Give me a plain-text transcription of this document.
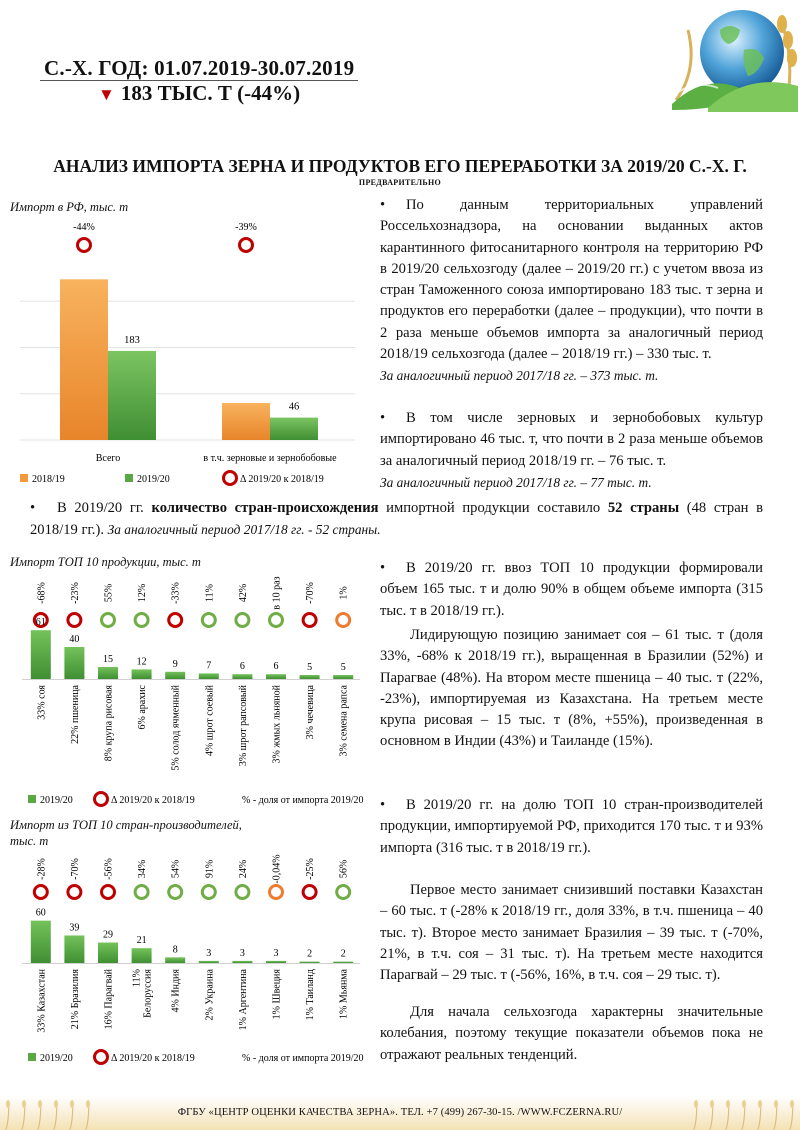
С.-Х. ГОД: 01.07.2019-30.07.2019
▼ 183 ТЫС. Т (-44%)
АНАЛИЗ ИМПОРТА ЗЕРНА И ПРОДУКТОВ ЕГО ПЕРЕРАБОТКИ ЗА 2019/20 С.-Х. Г.
ПРЕДВАРИТЕЛЬНО
Импорт в РФ, тыс. т
183
-44%
Всего
46
-39%
в т.ч. зерновые и зернобобовые
2018/19	2019/20	Δ 2019/20 к 2018/19
• По данным территориальных управлений Россельхознадзора, на основании выданных актов карантинного фитосанитарного контроля на территорию РФ в 2019/20 сельхозгоду (далее – 2019/20 гг.) с учетом ввоза из стран Таможенного союза импортировано 183 тыс. т зерна и продуктов его переработки (далее – продукции), что почти в 2 раза меньше объемов импорта за аналогичный период 2018/19 сельхозгода (далее – 2018/19 гг.) – 330 тыс. т.
За аналогичный период 2017/18 гг. – 373 тыс. т.
• В том числе зерновых и зернобобовых культур импортировано 46 тыс. т, что почти в 2 раза меньше объемов за аналогичный период 2018/19 гг. – 76 тыс. т.
За аналогичный период 2017/18 гг. – 77 тыс. т.
• В 2019/20 гг. количество стран-происхождения импортной продукции составило 52 страны (48 стран в 2018/19 гг.). За аналогичный период 2017/18 гг. - 52 страны.
Импорт ТОП 10 продукции, тыс. т
-68%
61
33% соя
-23%
40
22% пшеница
55%
15
8% крупа рисовая
12%
12
6% арахис
-33%
9
5% солод ячменный
11%
7
4% шрот соевый
42%
6
3% шрот рапсовый
в 10 раз
6
3% жмых льняной
-70%
5
3% чечевица
1%
5
3% семена рапса
2019/20	Δ 2019/20 к 2018/19	% - доля от импорта 2019/20
• В 2019/20 гг. ввоз ТОП 10 продукции формировали объем 165 тыс. т и долю 90% в общем объеме импорта (315 тыс. т в 2018/19 гг.).
Лидирующую позицию занимает соя – 61 тыс. т (доля 33%, -68% к 2018/19 гг.), выращенная в Бразилии (52%) и Парагвае (48%). На втором месте пшеница – 40 тыс. т (22%, -23%), импортируемая из Казахстана. На третьем месте крупа рисовая – 15 тыс. т (8%, +55%), произведенная в основном в Индии (43%) и Таиланде (15%).
Импорт из ТОП 10 стран-производителей,
тыс. т
-28%
60
33% Казахстан
-70%
39
21% Бразилия
-56%
29
16% Парагвай
34%
21
11% Белоруссия
54%
8
4% Индия
91%
3
2% Украина
24%
3
1% Аргентина
-0,04%
3
1% Швеция
-25%
2
1% Таиланд
56%
2
1% Мьянма
2019/20	Δ 2019/20 к 2018/19	% - доля от импорта 2019/20
• В 2019/20 гг. на долю ТОП 10 стран-производителей продукции, импортируемой РФ, приходится 170 тыс. т и 93% импорта (316 тыс. т в 2018/19 гг.).
Первое место занимает снизивший поставки Казахстан – 60 тыс. т (-28% к 2018/19 гг., доля 33%, в т.ч. пшеница – 40 тыс. т). Второе место занимает Бразилия – 39 тыс. т (-70%, 21%, в т.ч. соя – 31 тыс. т). На третьем месте находится Парагвай – 29 тыс. т (-56%, 16%, в т.ч. соя – 29 тыс. т).
Для начала сельхозгода характерны значительные колебания, поэтому текущие показатели объемов пока не отражают реальных тенденций.
ФГБУ «ЦЕНТР ОЦЕНКИ КАЧЕСТВА ЗЕРНА». ТЕЛ. +7 (499) 267-30-15. /WWW.FCZERNA.RU/
